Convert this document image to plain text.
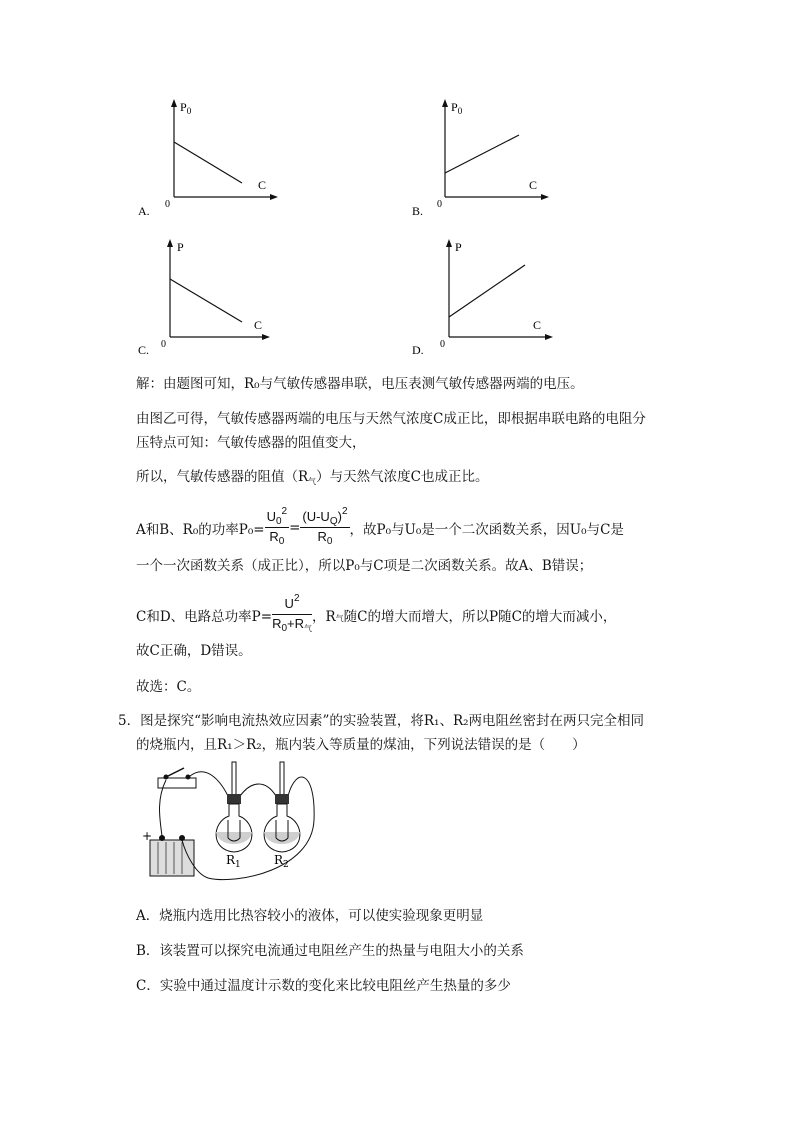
$P_0$
C
0
A.
$P_0$
C
0
B.
P
C
0
C.
P
C
0
D.
解：由题图可知，R₀与气敏传感器串联，电压表测气敏传感器两端的电压。
由图乙可得，气敏传感器两端的电压与天然气浓度C成正比，即根据串联电路的电阻分
压特点可知：气敏传感器的阻值变大，
所以，气敏传感器的阻值$(R_气)$与天然气浓度C也成正比。
A和B、R₀的功率$P_0= \frac{U_0^2}{R_0} = \frac{(U-U_Q)^2}{R_0}$ ，故P₀与U₀是一个二次函数关系，因U₀与C是
一个一次函数关系（成正比），所以P₀与C项是二次函数关系。故A、B错误；
C和D、电路总功率$P= \frac{U^2}{R_0+R_气}$ ，R 气 随C的增大而增大，所以P随C的增大而减小，
故C正确，D错误。
故选：C。
5．图是探究“影响电流热效应因素”的实验装置，将R₁、R₂两电阻丝密封在两只完全相同
的烧瓶内，且R₁＞R₂，瓶内装入等质量的煤油，下列说法错误的是（　　）
+
$R_1$	$R_2$
A．烧瓶内选用比热容较小的液体，可以使实验现象更明显
B．该装置可以探究电流通过电阻丝产生的热量与电阻大小的关系
C．实验中通过温度计示数的变化来比较电阻丝产生热量的多少
